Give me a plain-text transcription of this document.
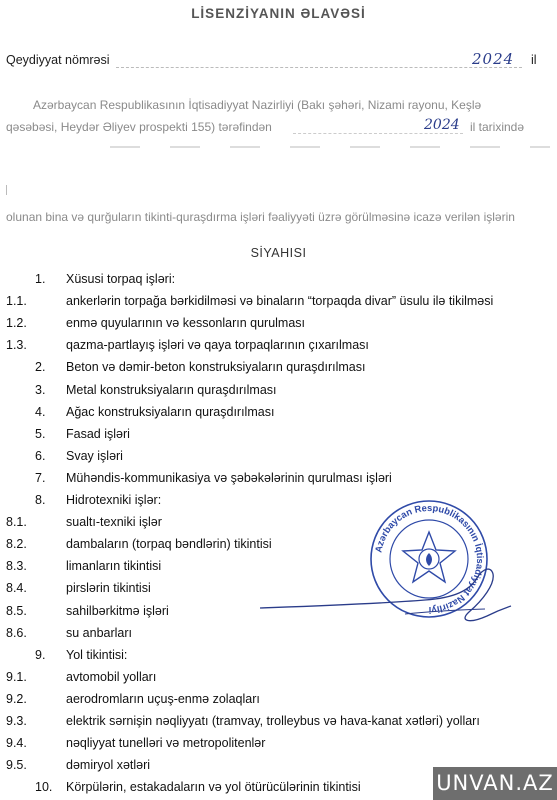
LİSENZİYANIN ƏLAVƏSİ
Qeydiyyat nömrəsi	2024 il
Azərbaycan Respublikasının İqtisadiyyat Nazirliyi (Bakı şəhəri, Nizami rayonu, Keşlə
qəsəbəsi, Heydər Əliyev prospekti 155) tərəfindən	2024 il tarixində
olunan bina və qurğuların tikinti-quraşdırma işləri fəaliyyəti üzrə görülməsinə icazə verilən işlərin
SİYAHISI
1. Xüsusi torpaq işləri:
1.1.	ankerlərin torpağa bərkidilməsi və binaların “torpaqda divar” üsulu ilə tikilməsi
1.2.	enmə quyularının və kessonların qurulması
1.3.	qazma-partlayış işləri və qaya torpaqlarının çıxarılması
2. Beton və dəmir-beton konstruksiyaların quraşdırılması
3. Metal konstruksiyaların quraşdırılması
4. Ağac konstruksiyaların quraşdırılması
5. Fasad işləri
6. Svay işləri
7. Mühəndis-kommunikasiya və şəbəkələrinin qurulması işləri
8. Hidrotexniki işlər:
8.1.	sualtı-texniki işlər
8.2.	dambaların (torpaq bəndlərin) tikintisi
8.3.	limanların tikintisi
8.4.	pirslərin tikintisi
8.5.	sahilbərkitmə işləri
8.6.	su anbarları
9. Yol tikintisi:
9.1.	avtomobil yolları
9.2.	aerodromların uçuş-enmə zolaqları
9.3.	elektrik sərnişin nəqliyyatı (tramvay, trolleybus və hava-kanat xətləri) yolları
9.4.	nəqliyyat tunelləri və metropolitenlər
9.5.	dəmiryol xətləri
10. Körpülərin, estakadaların və yol ötürücülərinin tikintisi
Azərbaycan Respublikasının İqtisadiyyat Nazirliyi
UNVAN.AZ
